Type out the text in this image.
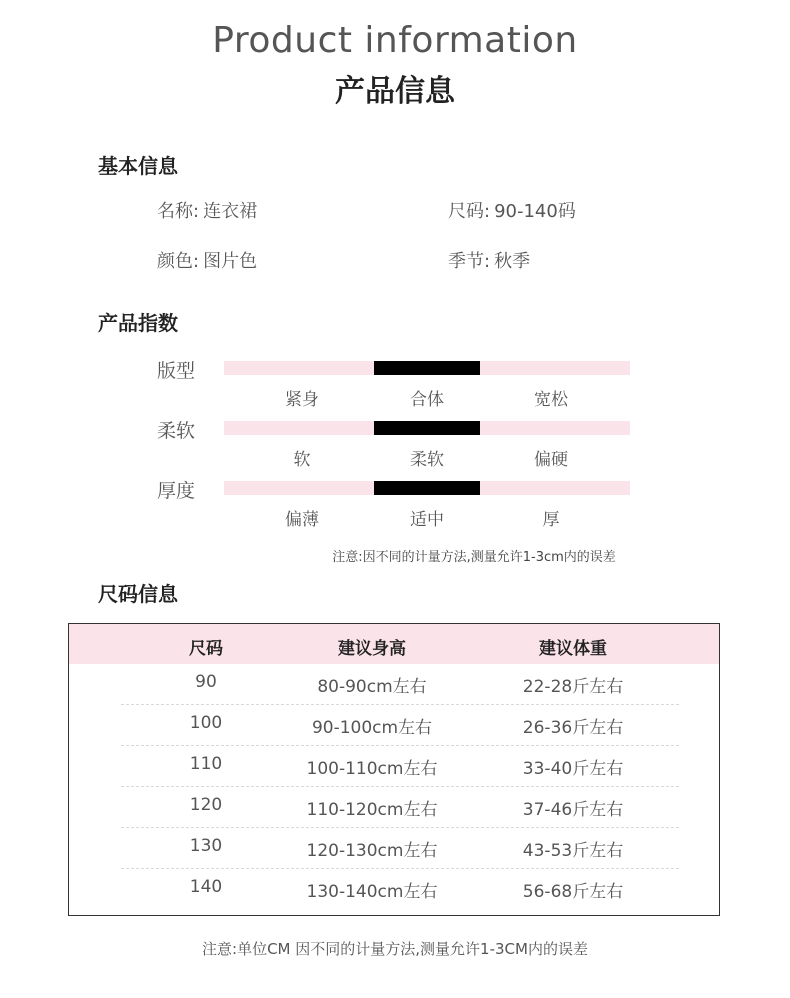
Product information
产品信息
基本信息
名称: 连衣裙	尺码: 90-140码
颜色: 图片色	季节: 秋季
产品指数
版型
紧身	合体	宽松
柔软
软	柔软	偏硬
厚度
偏薄	适中	厚
注意:因不同的计量方法,测量允许1-3cm内的误差
尺码信息
尺码	建议身高	建议体重
90	80-90cm左右	22-28斤左右
100	90-100cm左右	26-36斤左右
110	100-110cm左右	33-40斤左右
120	110-120cm左右	37-46斤左右
130	120-130cm左右	43-53斤左右
140	130-140cm左右	56-68斤左右
注意:单位CM 因不同的计量方法,测量允许1-3CM内的误差
